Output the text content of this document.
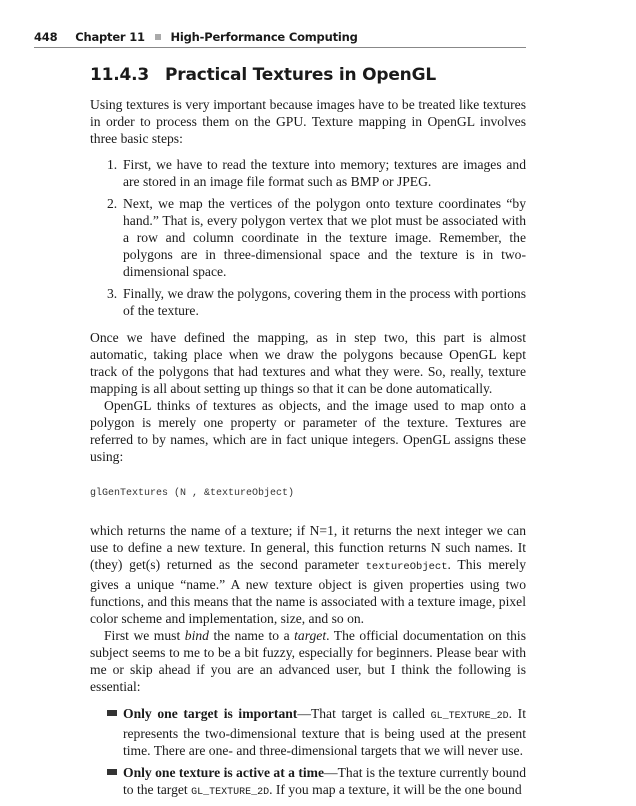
448 Chapter 11 High-Performance Computing
11.4.3 Practical Textures in OpenGL

Using textures is very important because images have to be treated like textures in order to process them on the GPU. Texture mapping in OpenGL involves three basic steps:

1. First, we have to read the texture into memory; textures are images and are stored in an image file format such as BMP or JPEG.
2. Next, we map the vertices of the polygon onto texture coordinates “by hand.” That is, every polygon vertex that we plot must be associated with a row and column coordinate in the texture image. Remember, the polygons are in three-dimensional space and the texture is in two-dimensional space.
3. Finally, we draw the polygons, covering them in the process with portions of the texture.

Once we have defined the mapping, as in step two, this part is almost automatic, taking place when we draw the polygons because OpenGL kept track of the polygons that had textures and what they were. So, really, texture mapping is all about setting up things so that it can be done automatically.

OpenGL thinks of textures as objects, and the image used to map onto a polygon is merely one property or parameter of the texture. Textures are referred to by names, which are in fact unique integers. OpenGL assigns these using:

glGenTextures (N , &textureObject)

which returns the name of a texture; if N=1, it returns the next integer we can use to define a new texture. In general, this function returns N such names. It (they) get(s) returned as the second parameter textureObject. This merely gives a unique “name.” A new texture object is given properties using two functions, and this means that the name is associated with a texture image, pixel color scheme and implementation, size, and so on.

First we must bind the name to a target. The official documentation on this subject seems to me to be a bit fuzzy, especially for beginners. Please bear with me or skip ahead if you are an advanced user, but I think the following is essential:

Only one target is important—That target is called GL_TEXTURE_2D. It represents the two-dimensional texture that is being used at the present time. There are one- and three-dimensional targets that we will never use.
Only one texture is active at a time—That is the texture currently bound to the target GL_TEXTURE_2D. If you map a texture, it will be the one bound
